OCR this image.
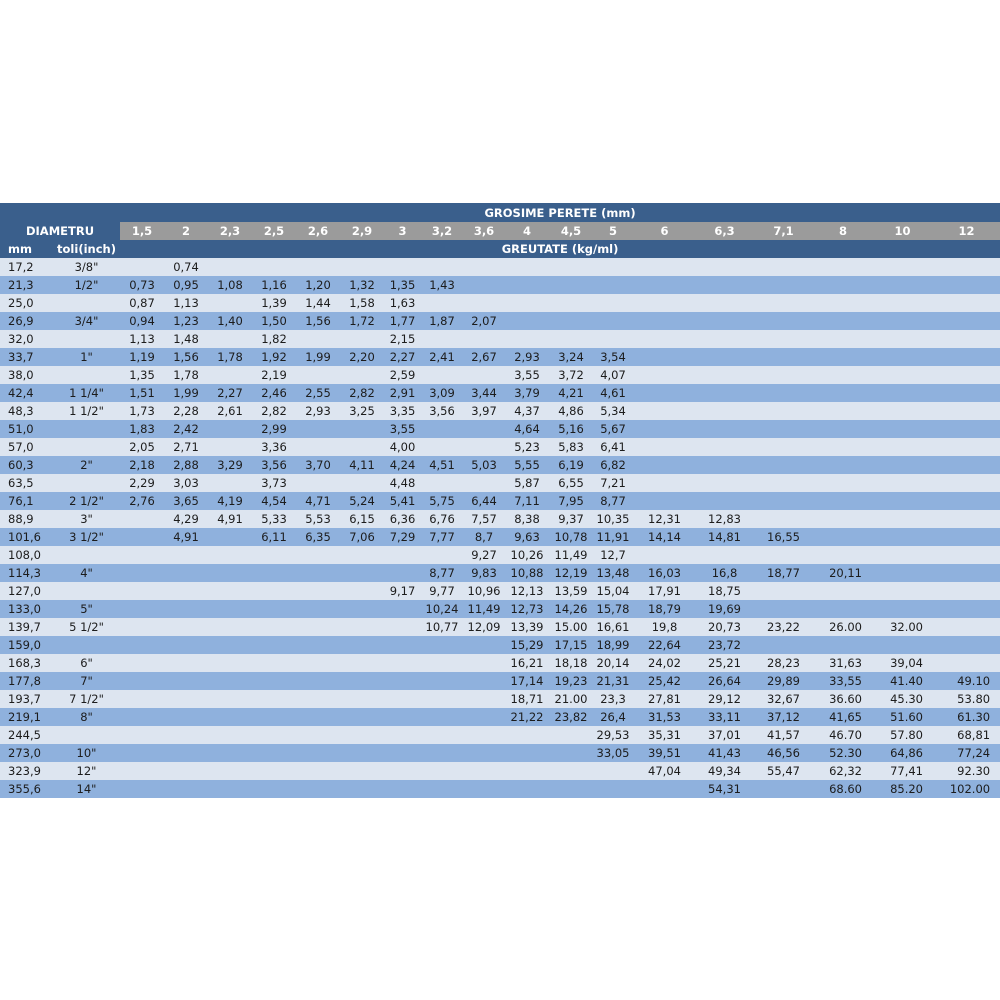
		GROSIME PERETE (mm)																	
DIAMETRU		1,5	2	2,3	2,5	2,6	2,9	3	3,2	3,6	4	4,5	5	6	6,3	7,1	8	10	12
mm	toli(inch)	GREUTATE (kg/ml)																	
17,2	3/8"		0,74																
21,3	1/2"	0,73	0,95	1,08	1,16	1,20	1,32	1,35	1,43										
25,0		0,87	1,13		1,39	1,44	1,58	1,63											
26,9	3/4"	0,94	1,23	1,40	1,50	1,56	1,72	1,77	1,87	2,07									
32,0		1,13	1,48		1,82			2,15											
33,7	1"	1,19	1,56	1,78	1,92	1,99	2,20	2,27	2,41	2,67	2,93	3,24	3,54						
38,0		1,35	1,78		2,19			2,59			3,55	3,72	4,07						
42,4	1 1/4"	1,51	1,99	2,27	2,46	2,55	2,82	2,91	3,09	3,44	3,79	4,21	4,61						
48,3	1 1/2"	1,73	2,28	2,61	2,82	2,93	3,25	3,35	3,56	3,97	4,37	4,86	5,34						
51,0		1,83	2,42		2,99			3,55			4,64	5,16	5,67						
57,0		2,05	2,71		3,36			4,00			5,23	5,83	6,41						
60,3	2"	2,18	2,88	3,29	3,56	3,70	4,11	4,24	4,51	5,03	5,55	6,19	6,82						
63,5		2,29	3,03		3,73			4,48			5,87	6,55	7,21						
76,1	2 1/2"	2,76	3,65	4,19	4,54	4,71	5,24	5,41	5,75	6,44	7,11	7,95	8,77						
88,9	3"		4,29	4,91	5,33	5,53	6,15	6,36	6,76	7,57	8,38	9,37	10,35	12,31	12,83				
101,6	3 1/2"		4,91		6,11	6,35	7,06	7,29	7,77	8,7	9,63	10,78	11,91	14,14	14,81	16,55			
108,0										9,27	10,26	11,49	12,7						
114,3	4"								8,77	9,83	10,88	12,19	13,48	16,03	16,8	18,77	20,11		
127,0								9,17	9,77	10,96	12,13	13,59	15,04	17,91	18,75				
133,0	5"								10,24	11,49	12,73	14,26	15,78	18,79	19,69				
139,7	5 1/2"								10,77	12,09	13,39	15.00	16,61	19,8	20,73	23,22	26.00	32.00	
159,0											15,29	17,15	18,99	22,64	23,72				
168,3	6"										16,21	18,18	20,14	24,02	25,21	28,23	31,63	39,04	
177,8	7"										17,14	19,23	21,31	25,42	26,64	29,89	33,55	41.40	49.10
193,7	7 1/2"										18,71	21.00	23,3	27,81	29,12	32,67	36.60	45.30	53.80
219,1	8"										21,22	23,82	26,4	31,53	33,11	37,12	41,65	51.60	61.30
244,5													29,53	35,31	37,01	41,57	46.70	57.80	68,81
273,0	10"												33,05	39,51	41,43	46,56	52.30	64,86	77,24
323,9	12"													47,04	49,34	55,47	62,32	77,41	92.30
355,6	14"														54,31		68.60	85.20	102.00
